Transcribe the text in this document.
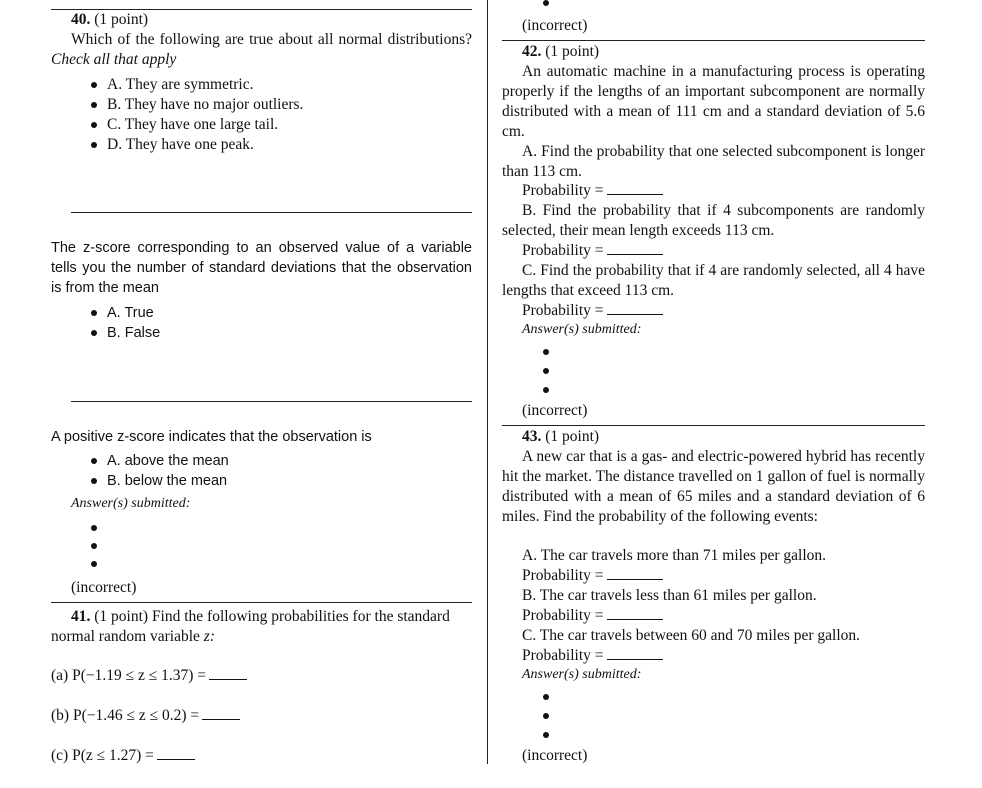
40. (1 point)
Which of the following are true about all normal distributions? Check all that apply
A. They are symmetric.
B. They have no major outliers.
C. They have one large tail.
D. They have one peak.
The z-score corresponding to an observed value of a variable tells you the number of standard deviations that the observation is from the mean
A. True
B. False
A positive z-score indicates that the observation is
A. above the mean
B. below the mean
Answer(s) submitted:
(incorrect)
41. (1 point) Find the following probabilities for the standard normal random variable z:
(a) P(−1.19 ≤ z ≤ 1.37) =
(b) P(−1.46 ≤ z ≤ 0.2) =
(c) P(z ≤ 1.27) =
(incorrect)
42. (1 point)
An automatic machine in a manufacturing process is operating properly if the lengths of an important subcomponent are normally distributed with a mean of 111 cm and a standard deviation of 5.6 cm.
A. Find the probability that one selected subcomponent is longer than 113 cm.
Probability =
B. Find the probability that if 4 subcomponents are randomly selected, their mean length exceeds 113 cm.
Probability =
C. Find the probability that if 4 are randomly selected, all 4 have lengths that exceed 113 cm.
Probability =
Answer(s) submitted:
(incorrect)
43. (1 point)
A new car that is a gas- and electric-powered hybrid has recently hit the market. The distance travelled on 1 gallon of fuel is normally distributed with a mean of 65 miles and a standard deviation of 6 miles. Find the probability of the following events:
A. The car travels more than 71 miles per gallon.
Probability =
B. The car travels less than 61 miles per gallon.
Probability =
C. The car travels between 60 and 70 miles per gallon.
Probability =
Answer(s) submitted:
(incorrect)
